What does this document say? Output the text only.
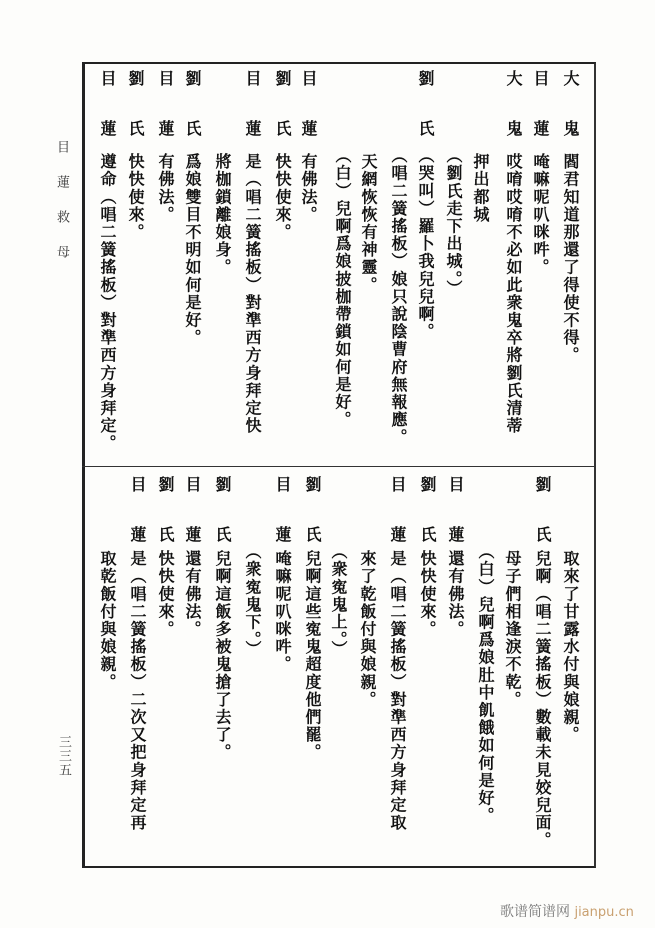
目蓮救母
三三五
歌谱简谱网 jianpu.cn
大鬼
閻君知道那還了得使不得。
目蓮
唵嘛呢叭咪吽。
大鬼
哎唷哎唷不必如此衆鬼卒將劉氏清蒂
押出都城
（劉氏走下出城。）
劉氏
（哭叫）羅卜我兒兒啊。
（唱二簧搖板）娘只說陰曹府無報應。
天網恢恢有神靈。
（白）兒啊爲娘披枷帶鎖如何是好。
目蓮
有佛法。
劉氏
快快使來。
目蓮
是（唱二簧搖板）對準西方身拜定快
將枷鎖離娘身。
劉氏
爲娘雙目不明如何是好。
目蓮
有佛法。
劉氏
快快使來。
目蓮
遵命（唱二簧搖板）對準西方身拜定。
取來了甘露水付與娘親。
劉氏
兒啊（唱二簧搖板）數載未見姣兒面。
母子們相逢淚不乾。
（白）兒啊爲娘肚中飢餓如何是好。
目蓮
還有佛法。
劉氏
快快使來。
目蓮
是（唱二簧搖板）對準西方身拜定取
來了乾飯付與娘親。
（衆寃鬼上。）
劉氏
兒啊這些寃鬼超度他們罷。
目蓮
唵嘛呢叭咪吽。
（衆寃鬼下。）
劉氏
兒啊這飯多被鬼搶了去了。
目蓮
還有佛法。
劉氏
快快使來。
目蓮
是（唱二簧搖板）二次又把身拜定再
取乾飯付與娘親。
